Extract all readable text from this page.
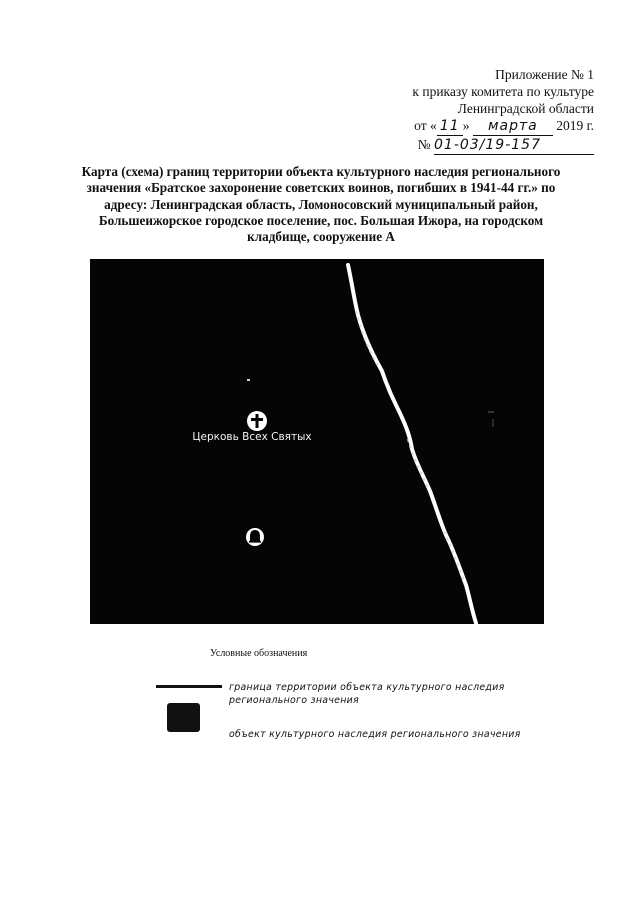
Приложение № 1
к приказу комитета по культуре
Ленинградской области
от « 11 » марта 2019 г.
№ 01-03/19-157
Карта (схема) границ территории объекта культурного наследия регионального значения «Братское захоронение советских воинов, погибших в 1941-44 гг.» по адресу: Ленинградская область, Ломоносовский муниципальный район, Большеижорское городское поселение, пос. Большая Ижора, на городском кладбище, сооружение А
Церковь Всех Святых
Условные обозначения
граница территории объекта культурного наследия
регионального значения
объект культурного наследия регионального значения
